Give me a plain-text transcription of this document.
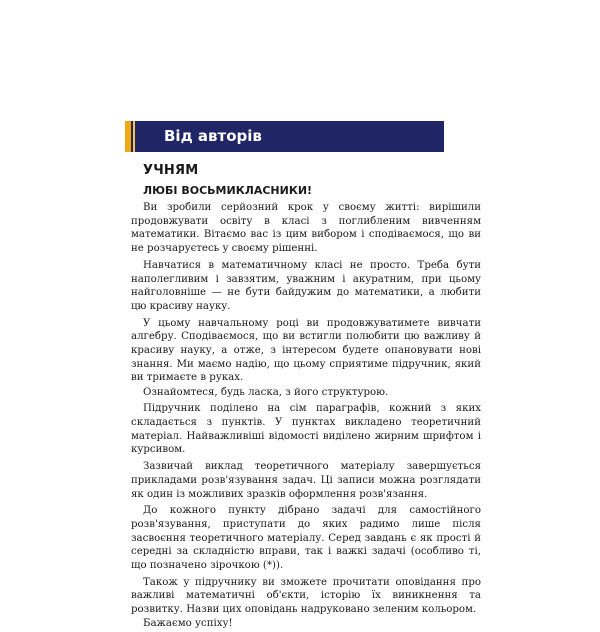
Від авторів
УЧНЯМ
ЛЮБІ ВОСЬМИКЛАСНИКИ!

Ви зробили серйозний крок у своєму житті: вирішили продовжувати освіту в класі з поглибленим вивченням математики. Вітаємо вас із цим вибором і сподіваємося, що ви не розчаруєтесь у своєму рішенні.

Навчатися в математичному класі не просто. Треба бути наполегливим і завзятим, уважним і акуратним, при цьому найголовніше — не бути байдужим до математики, а любити цю красиву науку.

У цьому навчальному році ви продовжуватимете вивчати алгебру. Сподіваємося, що ви встигли полюбити цю важливу й красиву науку, а отже, з інтересом будете опановувати нові знання. Ми маємо надію, що цьому сприятиме підручник, який ви тримаєте в руках.

Ознайомтеся, будь ласка, з його структурою.

Підручник поділено на сім параграфів, кожний з яких складається з пунктів. У пунктах викладено теоретичний матеріал. Найважливіші відомості виділено жирним шрифтом і курсивом.

Зазвичай виклад теоретичного матеріалу завершується прикладами розв'язування задач. Ці записи можна розглядати як один із можливих зразків оформлення розв'язання.

До кожного пункту дібрано задачі для самостійного розв'язування, приступати до яких радимо лише після засвоєння теоретичного матеріалу. Серед завдань є як прості й середні за складністю вправи, так і важкі задачі (особливо ті, що позначено зірочкою (*)).

Також у підручнику ви зможете прочитати оповідання про важливі математичні об'єкти, історію їх виникнення та розвитку. Назви цих оповідань надруковано зеленим кольором.

Бажаємо успіху!
